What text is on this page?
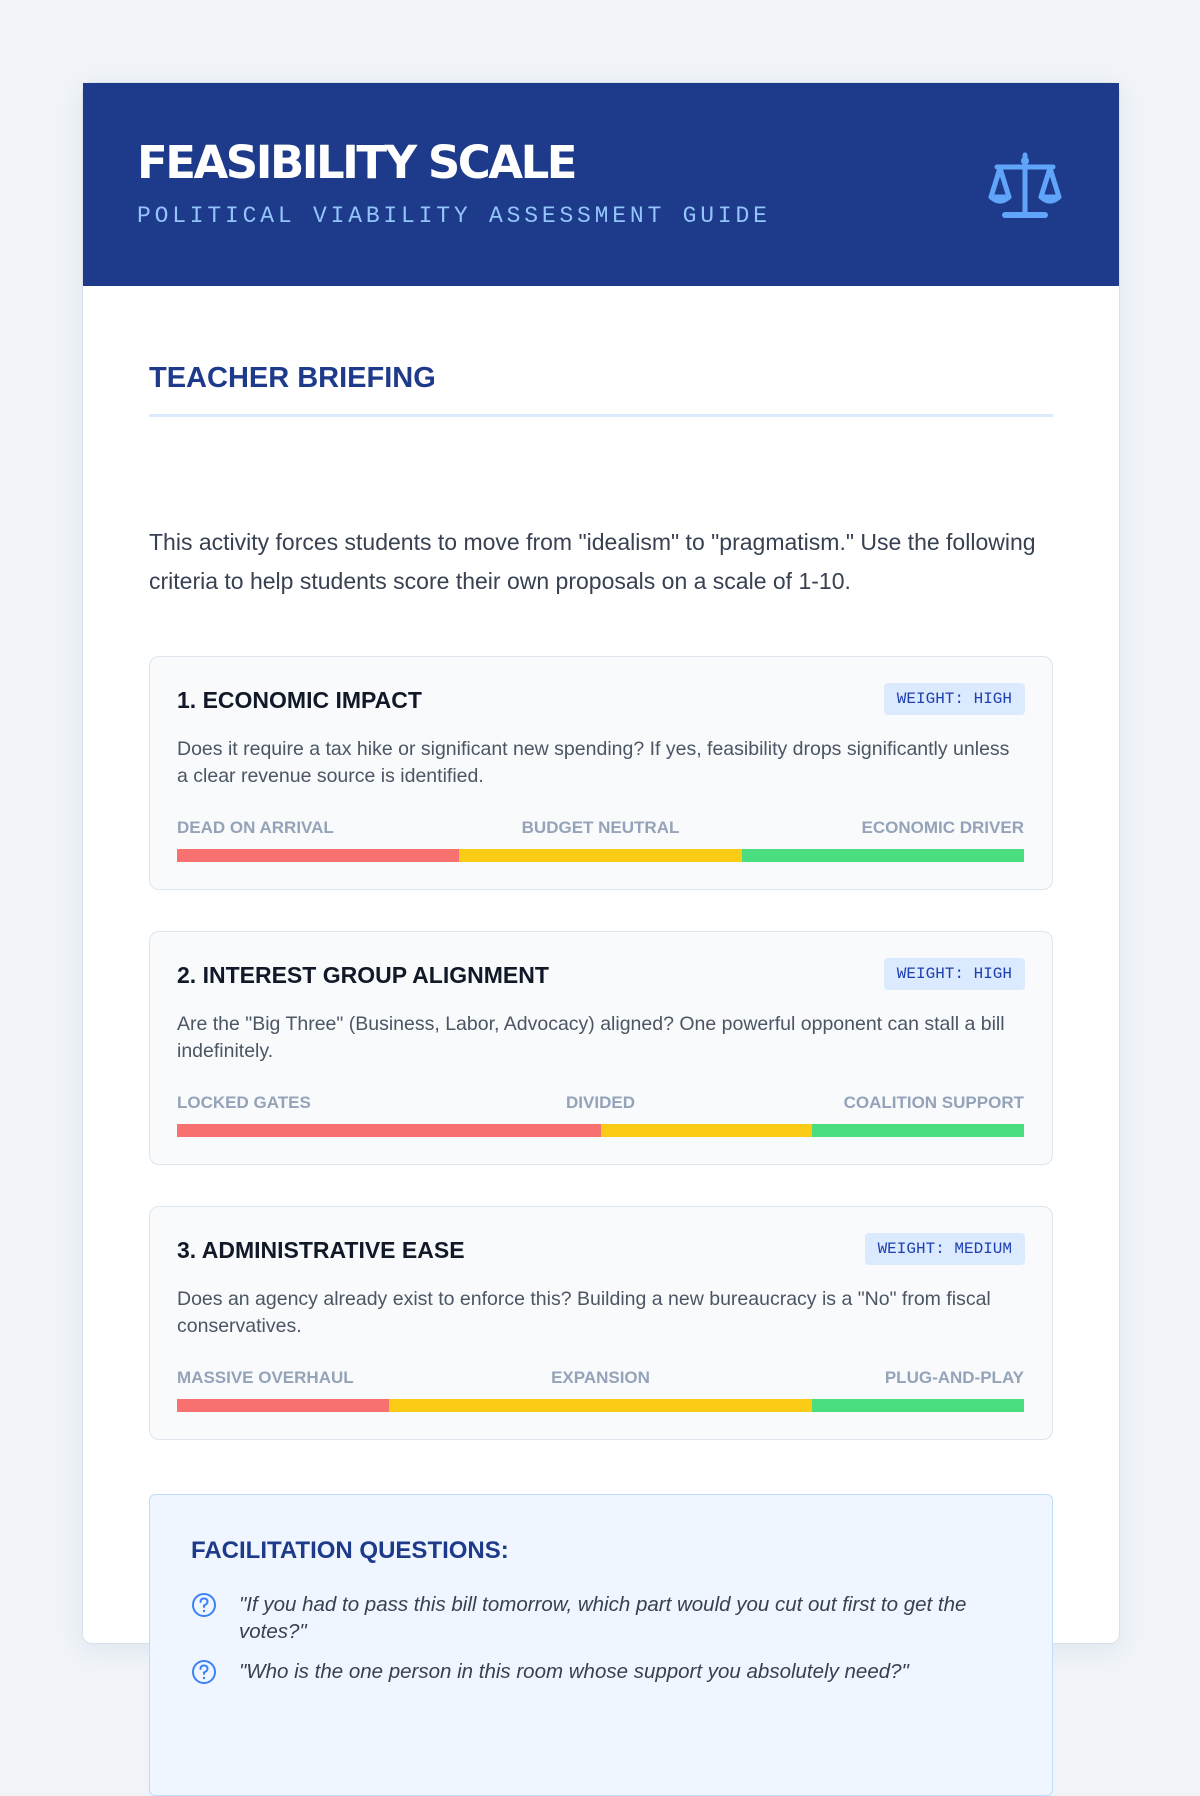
FEASIBILITY SCALE
POLITICAL VIABILITY ASSESSMENT GUIDE
TEACHER BRIEFING

This activity forces students to move from "idealism" to "pragmatism." Use the following criteria to help students score their own proposals on a scale of 1-10.

1. ECONOMIC IMPACT	WEIGHT: HIGH

Does it require a tax hike or significant new spending? If yes, feasibility drops significantly unless a clear revenue source is identified.

DEAD ON ARRIVAL	BUDGET NEUTRAL	ECONOMIC DRIVER
2. INTEREST GROUP ALIGNMENT	WEIGHT: HIGH

Are the "Big Three" (Business, Labor, Advocacy) aligned? One powerful opponent can stall a bill indefinitely.

LOCKED GATES	DIVIDED	COALITION SUPPORT
3. ADMINISTRATIVE EASE	WEIGHT: MEDIUM

Does an agency already exist to enforce this? Building a new bureaucracy is a "No" from fiscal conservatives.

MASSIVE OVERHAUL	EXPANSION	PLUG-AND-PLAY
FACILITATION QUESTIONS:

"If you had to pass this bill tomorrow, which part would you cut out first to get the votes?"

"Who is the one person in this room whose support you absolutely need?"
